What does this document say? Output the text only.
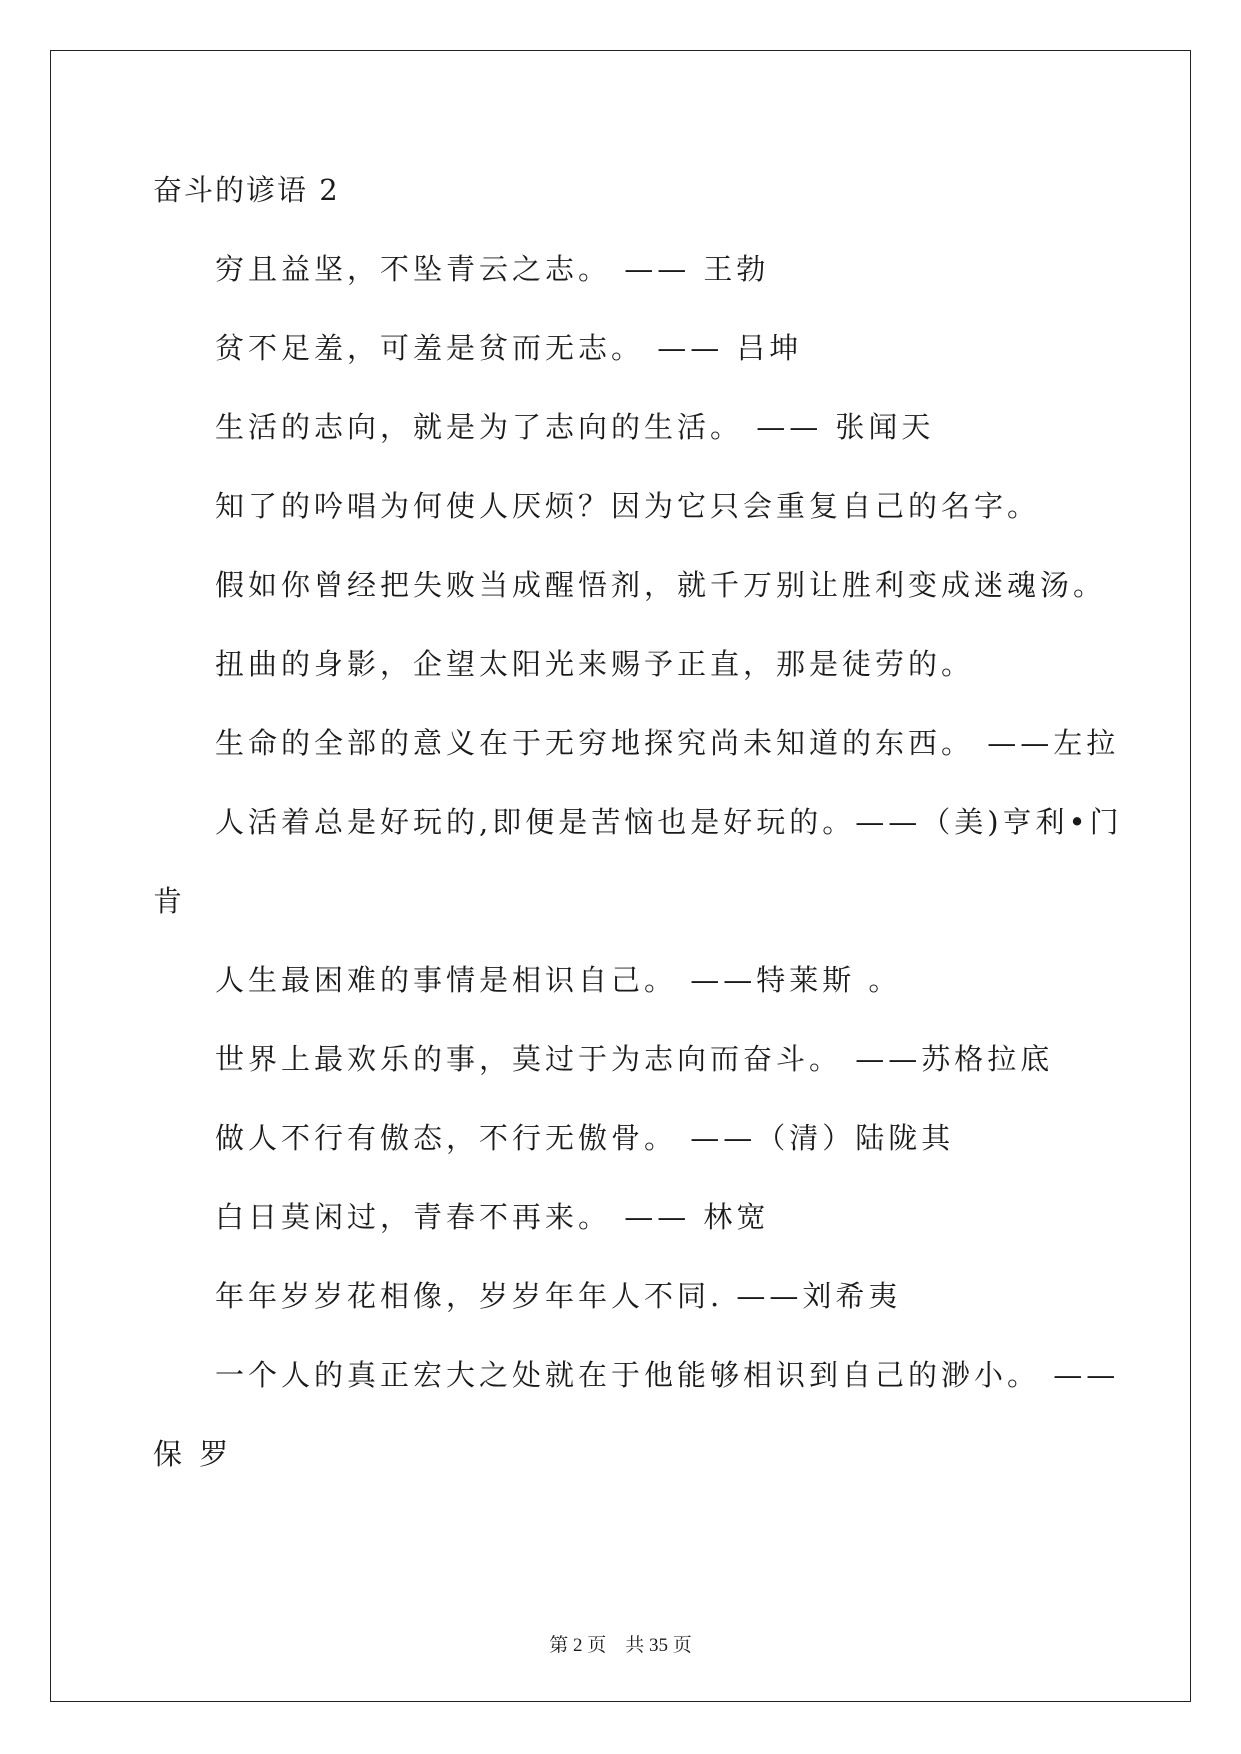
奋斗的谚语 2
穷且益坚，不坠青云之志。 —— 王勃
贫不足羞，可羞是贫而无志。 —— 吕坤
生活的志向，就是为了志向的生活。 —— 张闻天
知了的吟唱为何使人厌烦？因为它只会重复自己的名字。
假如你曾经把失败当成醒悟剂，就千万别让胜利变成迷魂汤。
扭曲的身影，企望太阳光来赐予正直，那是徒劳的。
生命的全部的意义在于无穷地探究尚未知道的东西。 ——左拉
人活着总是好玩的,即便是苦恼也是好玩的。——（美)亨利•门
肯
人生最困难的事情是相识自己。 ——特莱斯 。
世界上最欢乐的事，莫过于为志向而奋斗。 ——苏格拉底
做人不行有傲态，不行无傲骨。 ——（清）陆陇其
白日莫闲过，青春不再来。 —— 林宽
年年岁岁花相像，岁岁年年人不同. ——刘希夷
一个人的真正宏大之处就在于他能够相识到自己的渺小。 ——
保 罗
第 2 页    共 35 页
